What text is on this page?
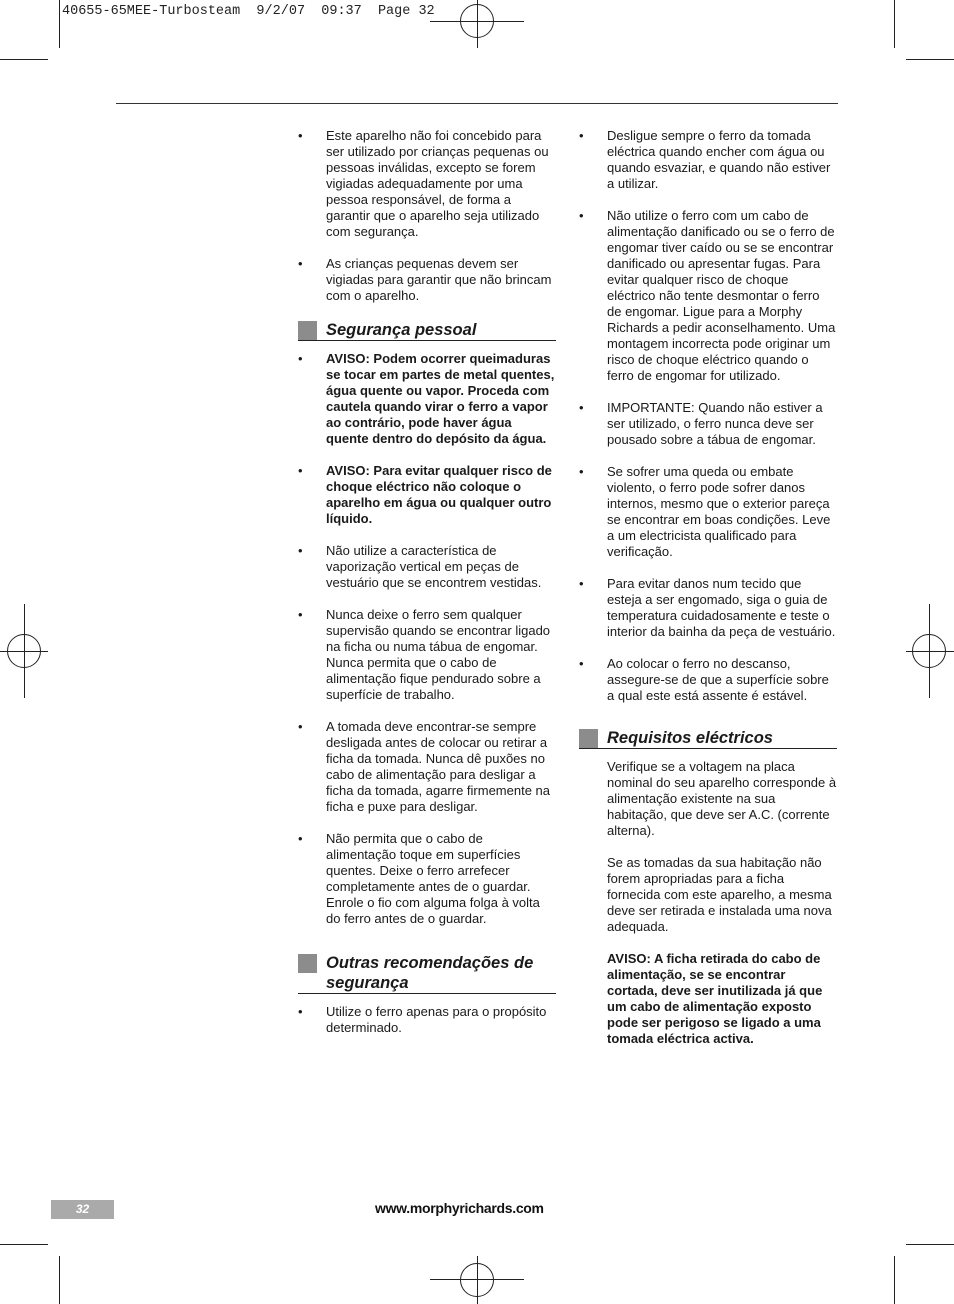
40655-65MEE-Turbosteam  9/2/07  09:37  Page 32
• Este aparelho não foi concebido para ser utilizado por crianças pequenas ou pessoas inválidas, excepto se forem vigiadas adequadamente por uma pessoa responsável, de forma a garantir que o aparelho seja utilizado com segurança.
• As crianças pequenas devem ser vigiadas para garantir que não brincam com o aparelho.
Segurança pessoal
• AVISO: Podem ocorrer queimaduras se tocar em partes de metal quentes, água quente ou vapor. Proceda com cautela quando virar o ferro a vapor ao contrário, pode haver água quente dentro do depósito da água.
• AVISO: Para evitar qualquer risco de choque eléctrico não coloque o aparelho em água ou qualquer outro líquido.
• Não utilize a característica de vaporização vertical em peças de vestuário que se encontrem vestidas.
• Nunca deixe o ferro sem qualquer supervisão quando se encontrar ligado na ficha ou numa tábua de engomar. Nunca permita que o cabo de alimentação fique pendurado sobre a superfície de trabalho.
• A tomada deve encontrar-se sempre desligada antes de colocar ou retirar a ficha da tomada. Nunca dê puxões no cabo de alimentação para desligar a ficha da tomada, agarre firmemente na ficha e puxe para desligar.
• Não permita que o cabo de alimentação toque em superfícies quentes. Deixe o ferro arrefecer completamente antes de o guardar. Enrole o fio com alguma folga à volta do ferro antes de o guardar.
Outras recomendações de segurança
• Utilize o ferro apenas para o propósito determinado.
• Desligue sempre o ferro da tomada eléctrica quando encher com água ou quando esvaziar, e quando não estiver a utilizar.
• Não utilize o ferro com um cabo de alimentação danificado ou se o ferro de engomar tiver caído ou se se encontrar danificado ou apresentar fugas. Para evitar qualquer risco de choque eléctrico não tente desmontar o ferro de engomar. Ligue para a Morphy Richards a pedir aconselhamento. Uma montagem incorrecta pode originar um risco de choque eléctrico quando o ferro de engomar for utilizado.
• IMPORTANTE: Quando não estiver a ser utilizado, o ferro nunca deve ser pousado sobre a tábua de engomar.
• Se sofrer uma queda ou embate violento, o ferro pode sofrer danos internos, mesmo que o exterior pareça se encontrar em boas condições. Leve a um electricista qualificado para verificação.
• Para evitar danos num tecido que esteja a ser engomado, siga o guia de temperatura cuidadosamente e teste o interior da bainha da peça de vestuário.
• Ao colocar o ferro no descanso, assegure-se de que a superfície sobre a qual este está assente é estável.
Requisitos eléctricos
Verifique se a voltagem na placa nominal do seu aparelho corresponde à alimentação existente na sua habitação, que deve ser A.C. (corrente alterna).
Se as tomadas da sua habitação não forem apropriadas para a ficha fornecida com este aparelho, a mesma deve ser retirada e instalada uma nova adequada.
AVISO: A ficha retirada do cabo de alimentação, se se encontrar cortada, deve ser inutilizada já que um cabo de alimentação exposto pode ser perigoso se ligado a uma tomada eléctrica activa.
32	www.morphyrichards.com
